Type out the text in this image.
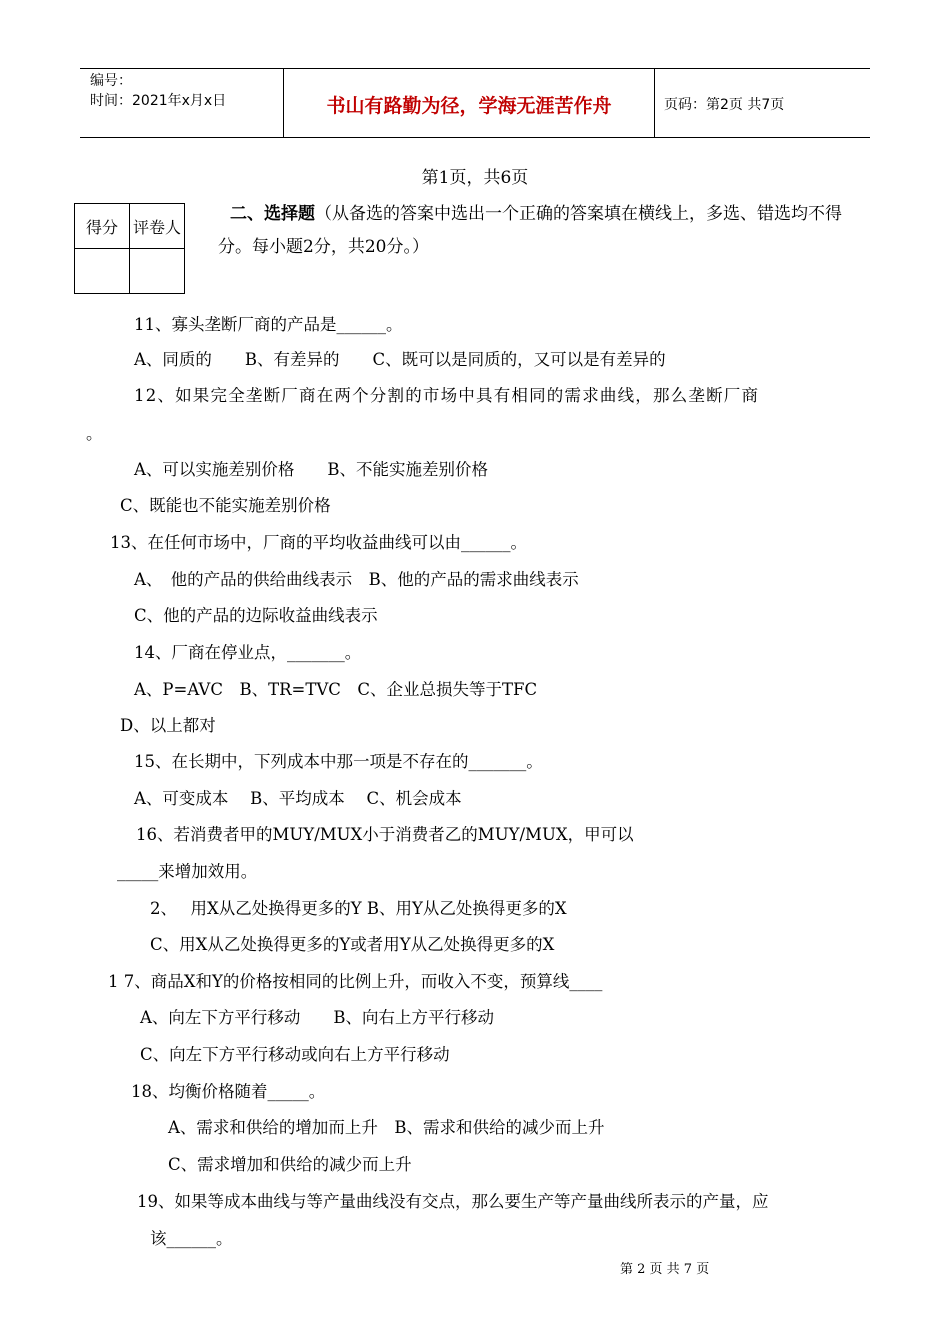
编号：
时间：2021年x月x日	书山有路勤为径，学海无涯苦作舟	页码：第2页 共7页
第1页，共6页
得分	评卷人

二、选择题（从备选的答案中选出一个正确的答案填在横线上，多选、错选均不得分。每小题2分，共20分。）
11、寡头垄断厂商的产品是______。
A、同质的　　B、有差异的　　C、既可以是同质的，又可以是有差异的
12、如果完全垄断厂商在两个分割的市场中具有相同的需求曲线，那么垄断厂商
。
A、可以实施差别价格　　B、不能实施差别价格
C、既能也不能实施差别价格
13、在任何市场中，厂商的平均收益曲线可以由______。
A、　他的产品的供给曲线表示　B、他的产品的需求曲线表示
C、他的产品的边际收益曲线表示
14、厂商在停业点，_______。
A、P=AVC　B、TR=TVC　C、企业总损失等于TFC
D、以上都对
15、在长期中，下列成本中那一项是不存在的_______。
A、可变成本　 B、平均成本　 C、机会成本
16、若消费者甲的MUY/MUX小于消费者乙的MUY/MUX，甲可以
_____来增加效用。
2、　 用X从乙处换得更多的Y B、用Y从乙处换得更多的X
C、用X从乙处换得更多的Y或者用Y从乙处换得更多的X
1 7、商品X和Y的价格按相同的比例上升，而收入不变，预算线____
A、向左下方平行移动　　B、向右上方平行移动
C、向左下方平行移动或向右上方平行移动
18、均衡价格随着_____。
A、需求和供给的增加而上升　B、需求和供给的减少而上升
C、需求增加和供给的减少而上升
19、如果等成本曲线与等产量曲线没有交点，那么要生产等产量曲线所表示的产量，应
该______。
第 2 页 共 7 页
